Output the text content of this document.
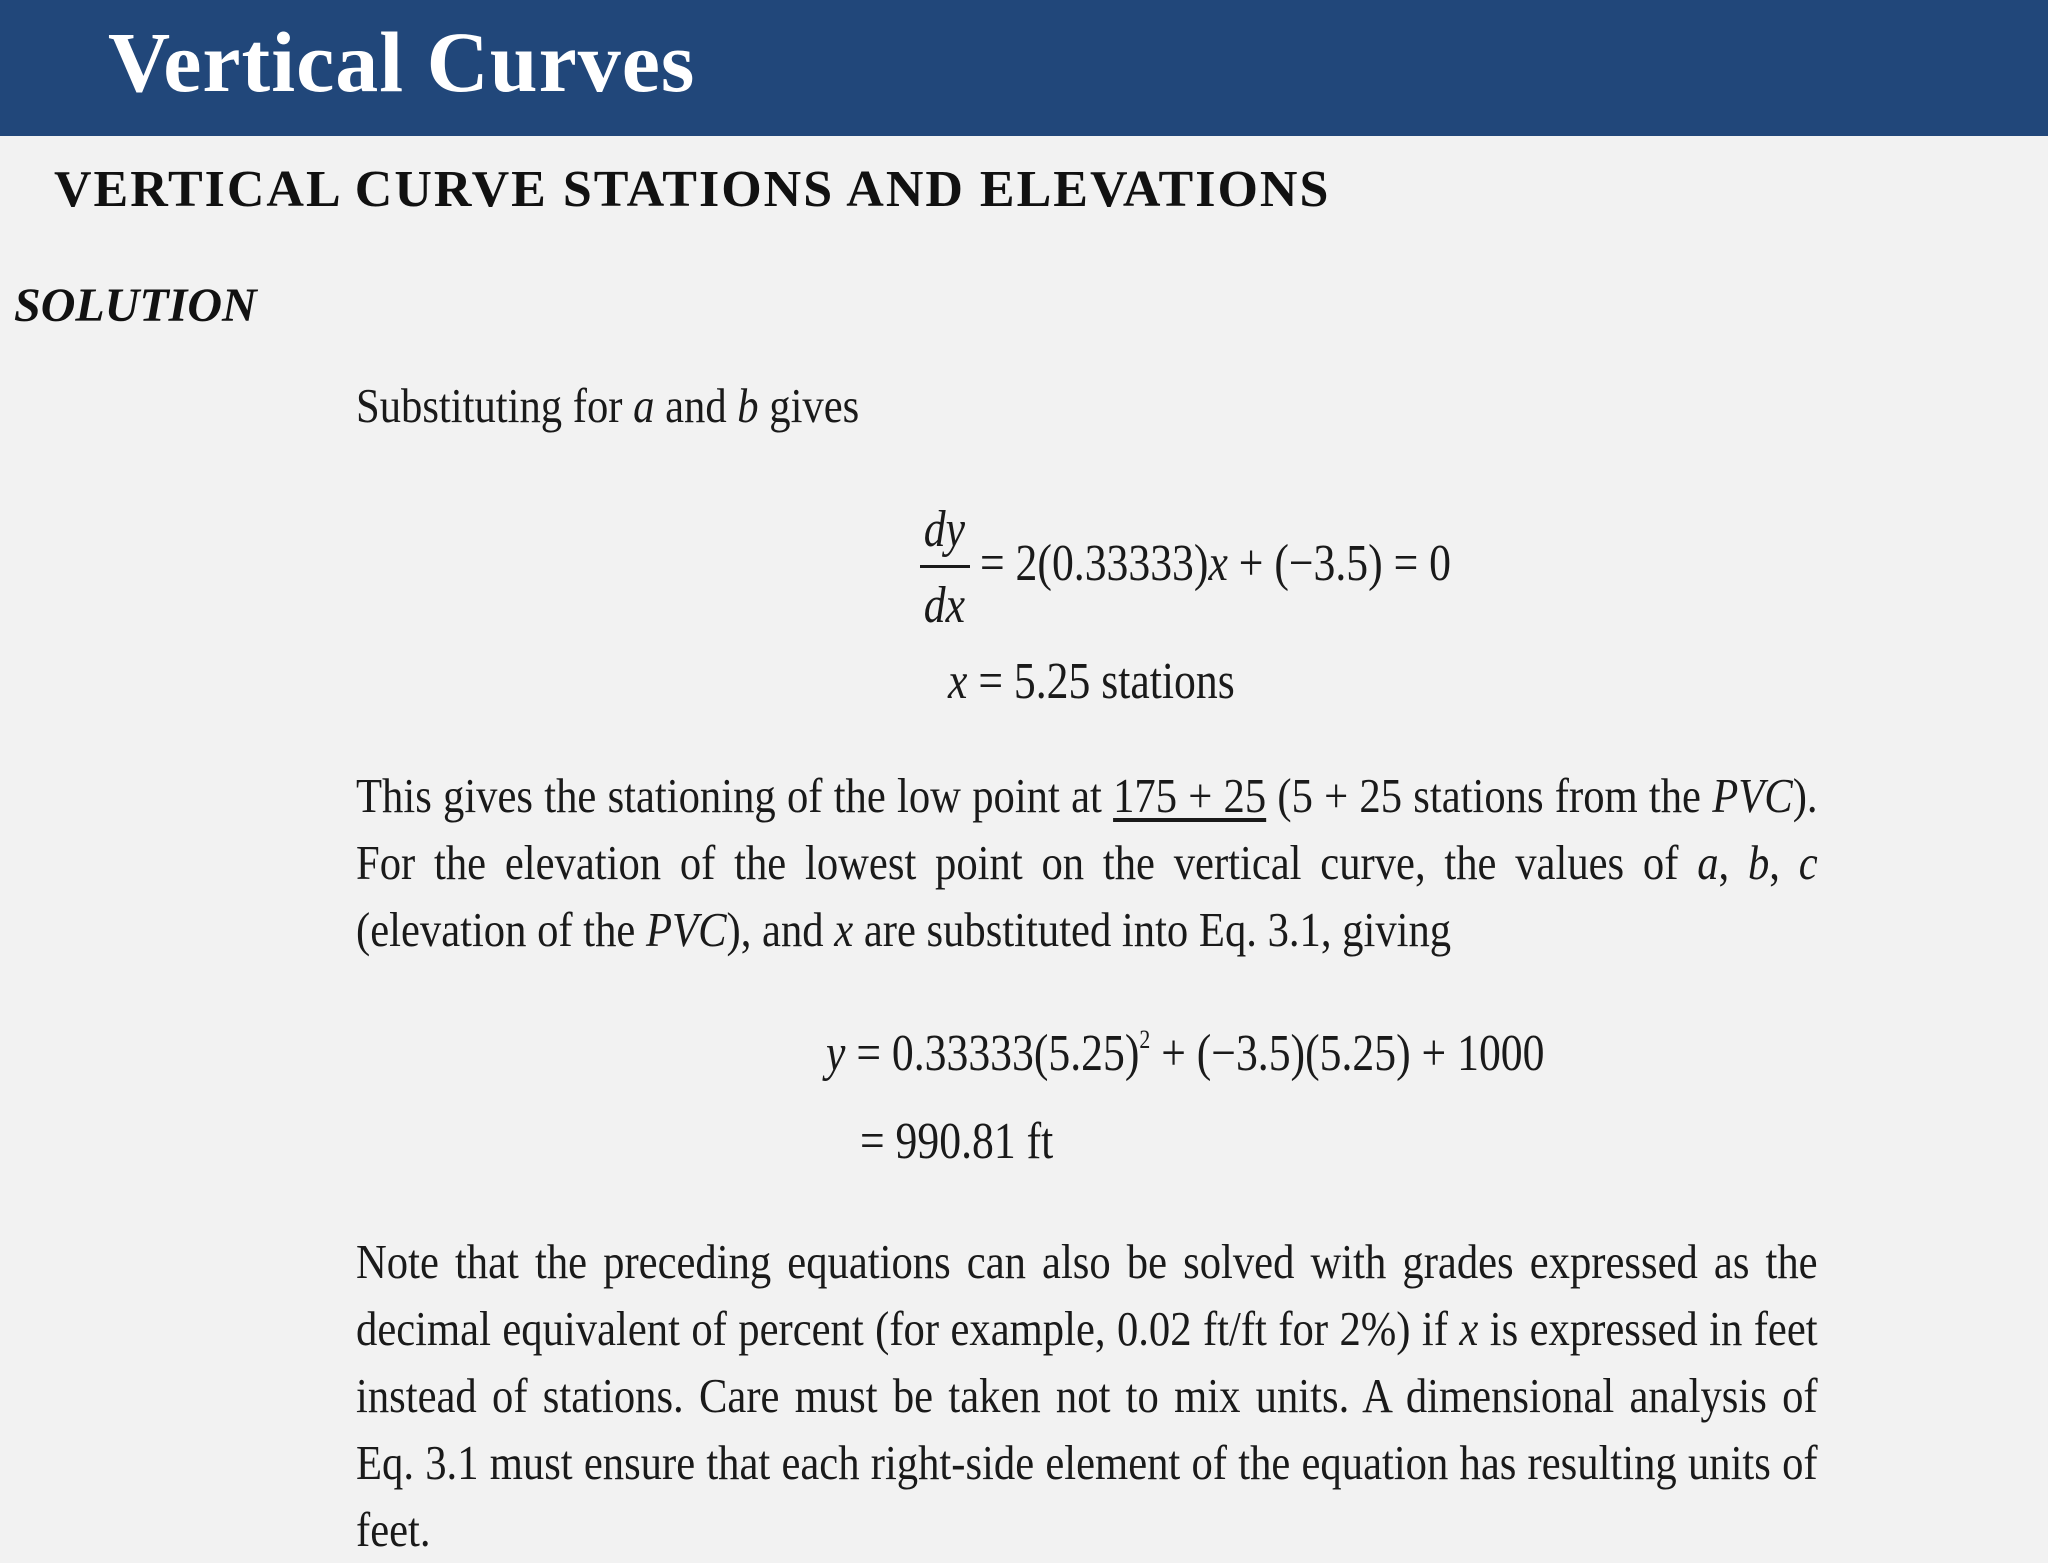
Vertical Curves
VERTICAL CURVE STATIONS AND ELEVATIONS
SOLUTION
Substituting for a and b gives
dy
dx
= 2(0.33333)x + (−3.5) = 0
x = 5.25 stations
This gives the stationing of the low point at 175 + 25 (5 + 25 stations from the PVC). For the elevation of the lowest point on the vertical curve, the values of a, b, c (elevation of the PVC), and x are substituted into Eq. 3.1, giving
$y = 0.33333(5.25)^2 + (-3.5)(5.25) + 1000$
= 990.81 ft
Note that the preceding equations can also be solved with grades expressed as the decimal equivalent of percent (for example, 0.02 ft/ft for 2%) if x is expressed in feet instead of stations. Care must be taken not to mix units. A dimensional analysis of Eq. 3.1 must ensure that each right-side element of the equation has resulting units of feet.
